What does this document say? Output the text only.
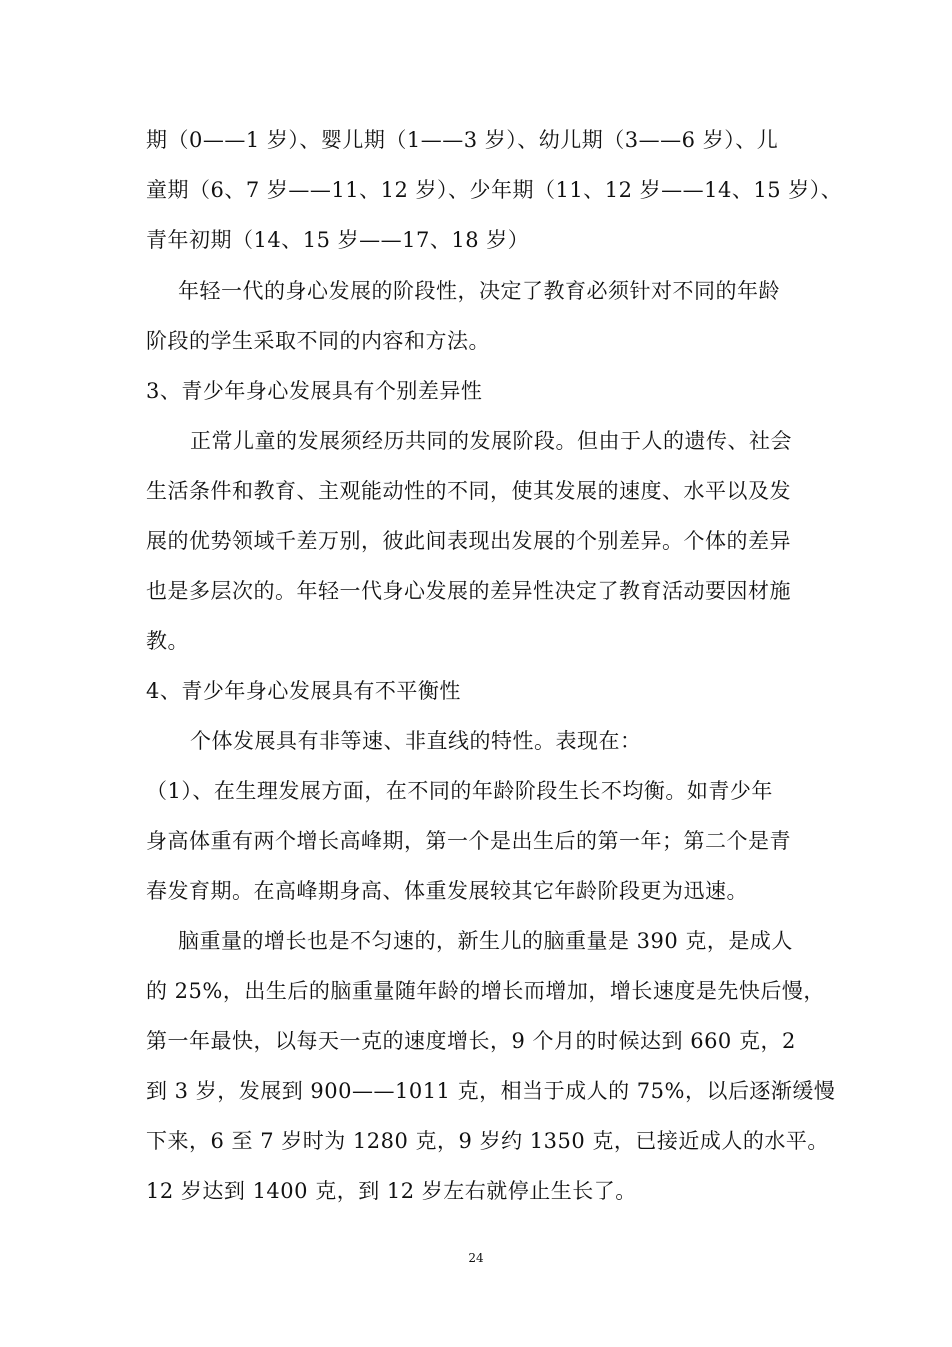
期（0——1 岁）、婴儿期（1——3 岁）、幼儿期（3——6 岁）、儿
童期（6、7 岁——11、12 岁）、少年期（11、12 岁——14、15 岁）、
青年初期（14、15 岁——17、18 岁）
年轻一代的身心发展的阶段性，决定了教育必须针对不同的年龄
阶段的学生采取不同的内容和方法。
3、青少年身心发展具有个别差异性
正常儿童的发展须经历共同的发展阶段。但由于人的遗传、社会
生活条件和教育、主观能动性的不同，使其发展的速度、水平以及发
展的优势领域千差万别，彼此间表现出发展的个别差异。个体的差异
也是多层次的。年轻一代身心发展的差异性决定了教育活动要因材施
教。
4、青少年身心发展具有不平衡性
个体发展具有非等速、非直线的特性。表现在：
（1）、在生理发展方面，在不同的年龄阶段生长不均衡。如青少年
身高体重有两个增长高峰期，第一个是出生后的第一年；第二个是青
春发育期。在高峰期身高、体重发展较其它年龄阶段更为迅速。
脑重量的增长也是不匀速的，新生儿的脑重量是 390 克，是成人
的 25%，出生后的脑重量随年龄的增长而增加，增长速度是先快后慢，
第一年最快，以每天一克的速度增长，9 个月的时候达到 660 克，2
到 3 岁，发展到 900——1011 克，相当于成人的 75%，以后逐渐缓慢
下来，6 至 7 岁时为 1280 克，9 岁约 1350 克，已接近成人的水平。
12 岁达到 1400 克，到 12 岁左右就停止生长了。
24
